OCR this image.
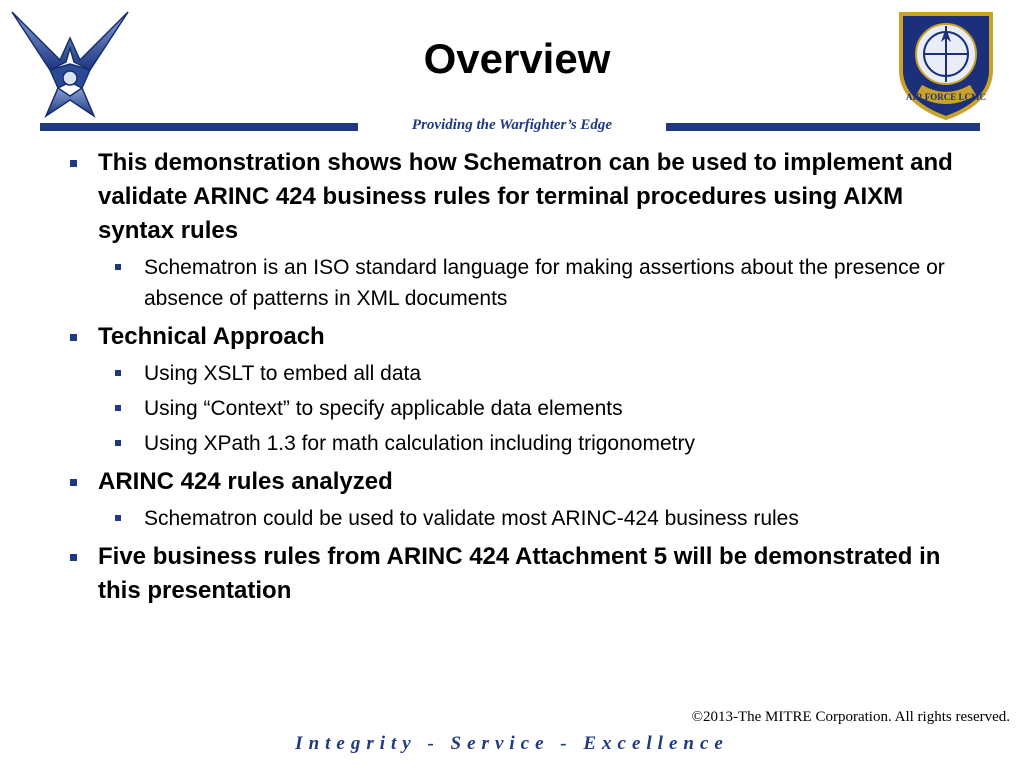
Overview
AIR FORCE LCMC
Providing the Warfighter’s Edge
This demonstration shows how Schematron can be used to implement and validate ARINC 424 business rules for terminal procedures using AIXM syntax rules
Schematron is an ISO standard language for making assertions about the presence or absence of patterns in XML documents
Technical Approach
Using XSLT to embed all data
Using “Context” to specify applicable data elements
Using XPath 1.3 for math calculation including trigonometry
ARINC 424 rules analyzed
Schematron could be used to validate most ARINC-424 business rules
Five business rules from ARINC 424 Attachment 5 will be demonstrated in this presentation
©2013-The MITRE Corporation. All rights reserved.
Integrity - Service - Excellence
